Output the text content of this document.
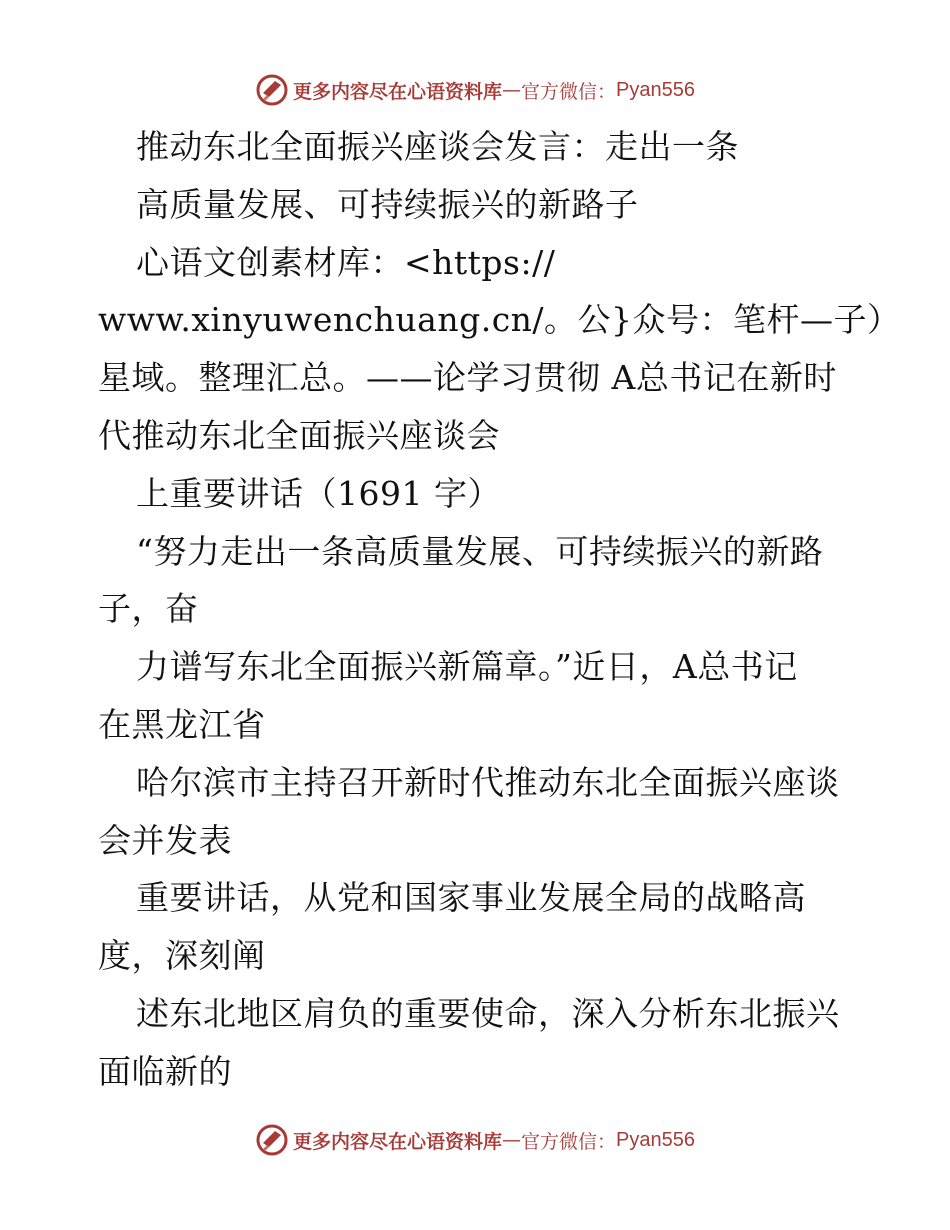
更多内容尽在心语资料库 — 官方微信： Pyan556
推动东北全面振兴座谈会发言：走出一条
高质量发展、可持续振兴的新路子
心语文创素材库：<https://
www.xinyuwenchuang.cn/。公}众号：笔杆—子）
星域。整理汇总。——论学习贯彻 A总书记在新时
代推动东北全面振兴座谈会
上重要讲话（1691 字）
“努力走出一条高质量发展、可持续振兴的新路
子，奋
力谱写东北全面振兴新篇章。”近日，A总书记
在黑龙江省
哈尔滨市主持召开新时代推动东北全面振兴座谈
会并发表
重要讲话，从党和国家事业发展全局的战略高
度，深刻阐
述东北地区肩负的重要使命，深入分析东北振兴
面临新的
更多内容尽在心语资料库 — 官方微信： Pyan556
